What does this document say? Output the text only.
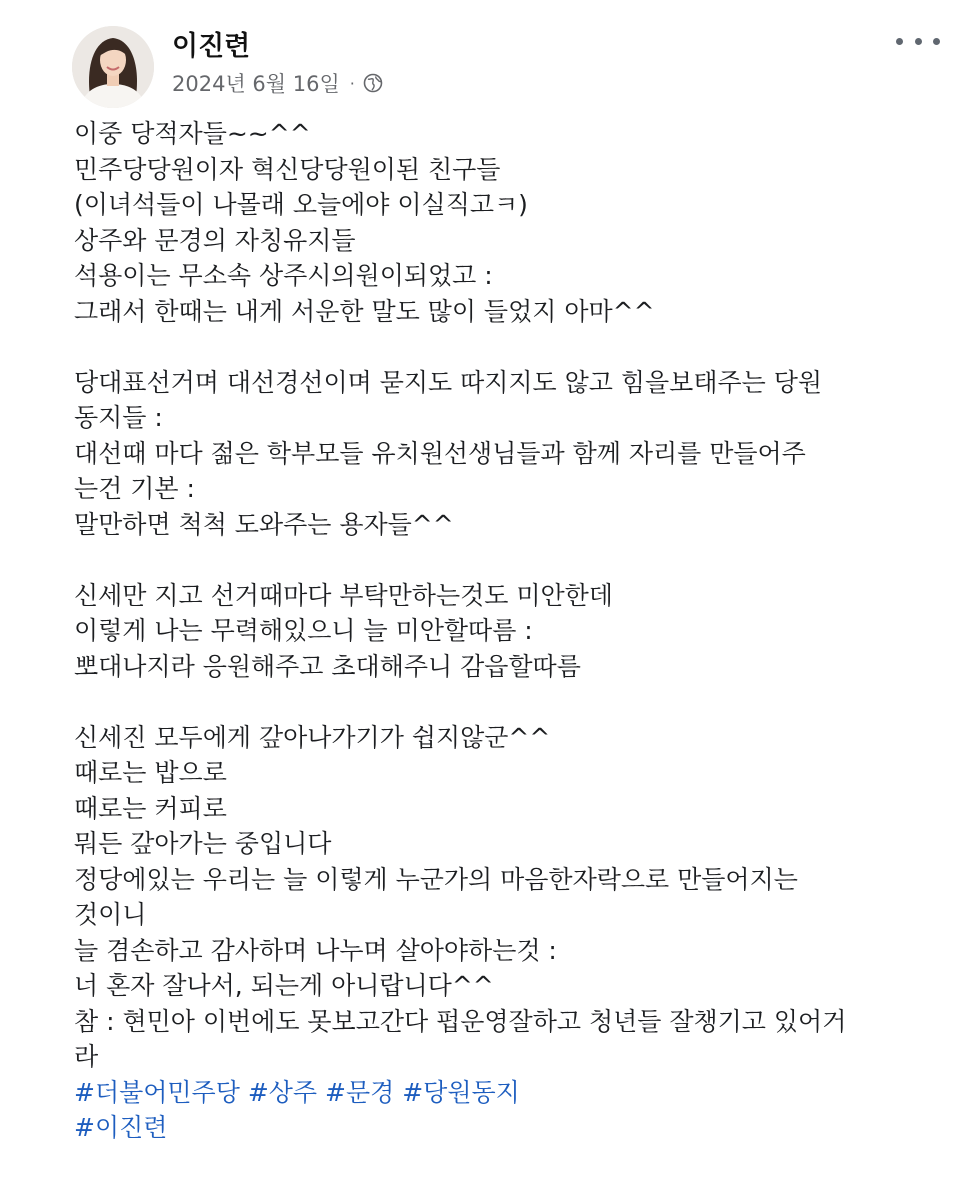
이진련
2024년 6월 16일 ·
이중 당적자들~~^^
민주당당원이자 혁신당당원이된 친구들
(이녀석들이 나몰래 오늘에야 이실직고ㅋ)
상주와 문경의 자칭유지들
석용이는 무소속 상주시의원이되었고 :
그래서 한때는 내게 서운한 말도 많이 들었지 아마^^
당대표선거며 대선경선이며 묻지도 따지지도 않고 힘을보태주는 당원
동지들 :
대선때 마다 젊은 학부모들 유치원선생님들과 함께 자리를 만들어주
는건 기본 :
말만하면 척척 도와주는 용자들^^
신세만 지고 선거때마다 부탁만하는것도 미안한데
이렇게 나는 무력해있으니 늘 미안할따름 :
뽀대나지라 응원해주고 초대해주니 감읍할따름
신세진 모두에게 갚아나가기가 쉽지않군^^
때로는 밥으로
때로는 커피로
뭐든 갚아가는 중입니다
정당에있는 우리는 늘 이렇게 누군가의 마음한자락으로 만들어지는
것이니
늘 겸손하고 감사하며 나누며 살아야하는것 :
너 혼자 잘나서, 되는게 아니랍니다^^
참 : 현민아 이번에도 못보고간다 펍운영잘하고 청년들 잘챙기고 있어거
라
#더불어민주당 #상주 #문경 #당원동지
#이진련
